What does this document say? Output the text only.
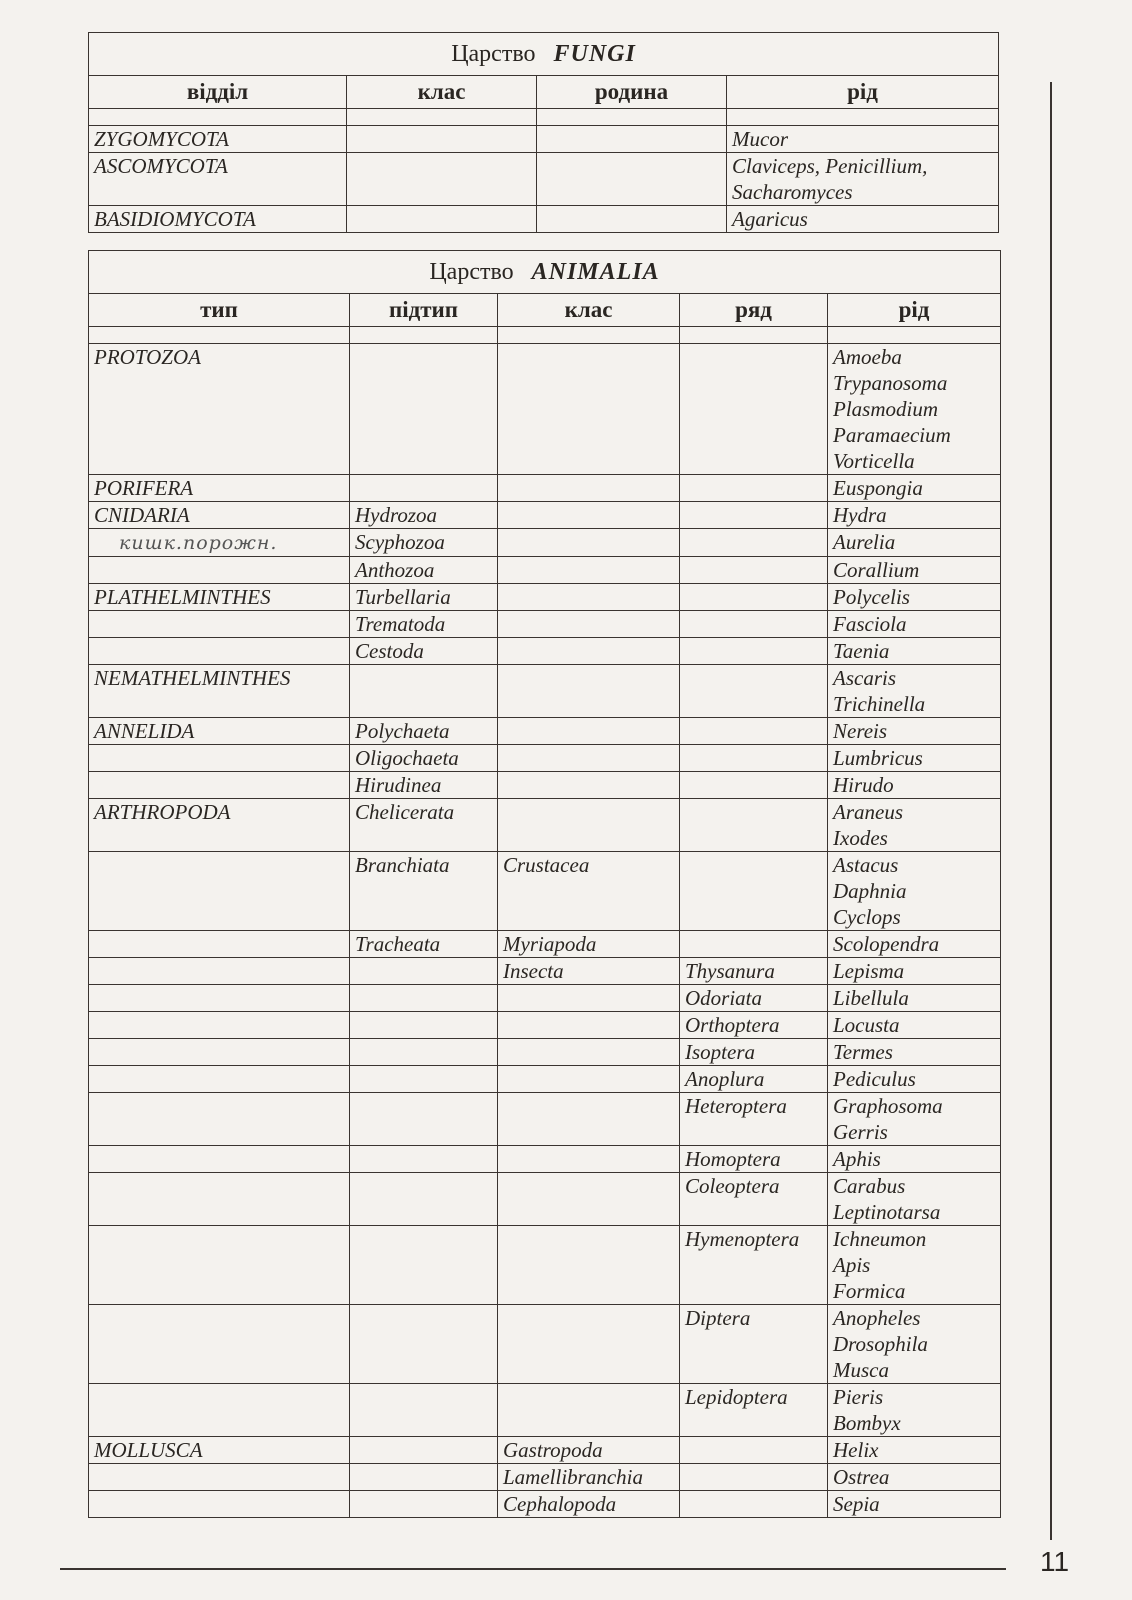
Царство FUNGI			
відділ	клас	родина	рід

ZYGOMYCOTA			Mucor

ASCOMYCOTA			Claviceps, Penicillium,
Sacharomyces

BASIDIOMYCOTA			Agaricus
Царство ANIMALIA				
тип	підтип	клас	ряд	рід

PROTOZOA				Amoeba
Trypanosoma
Plasmodium
Paramaecium
Vorticella

PORIFERA				Euspongia

CNIDARIA	Hydrozoa			Hydra

кишк.порожн.	Scyphozoa			Aurelia

	Anthozoa			Corallium

PLATHELMINTHES	Turbellaria			Polycelis

	Trematoda			Fasciola

	Cestoda			Taenia

NEMATHELMINTHES				Ascaris
Trichinella

ANNELIDA	Polychaeta			Nereis

	Oligochaeta			Lumbricus

	Hirudinea			Hirudo

ARTHROPODA	Chelicerata			Araneus
Ixodes

	Branchiata	Crustacea		Astacus
Daphnia
Cyclops

	Tracheata	Myriapoda		Scolopendra

		Insecta	Thysanura	Lepisma

			Odoriata	Libellula

			Orthoptera	Locusta

			Isoptera	Termes

			Anoplura	Pediculus

			Heteroptera	Graphosoma
Gerris

			Homoptera	Aphis

			Coleoptera	Carabus
Leptinotarsa

			Hymenoptera	Ichneumon
Apis
Formica

			Diptera	Anopheles
Drosophila
Musca

			Lepidoptera	Pieris
Bombyx

MOLLUSCA		Gastropoda		Helix

		Lamellibranchia		Ostrea

		Cephalopoda		Sepia
11
